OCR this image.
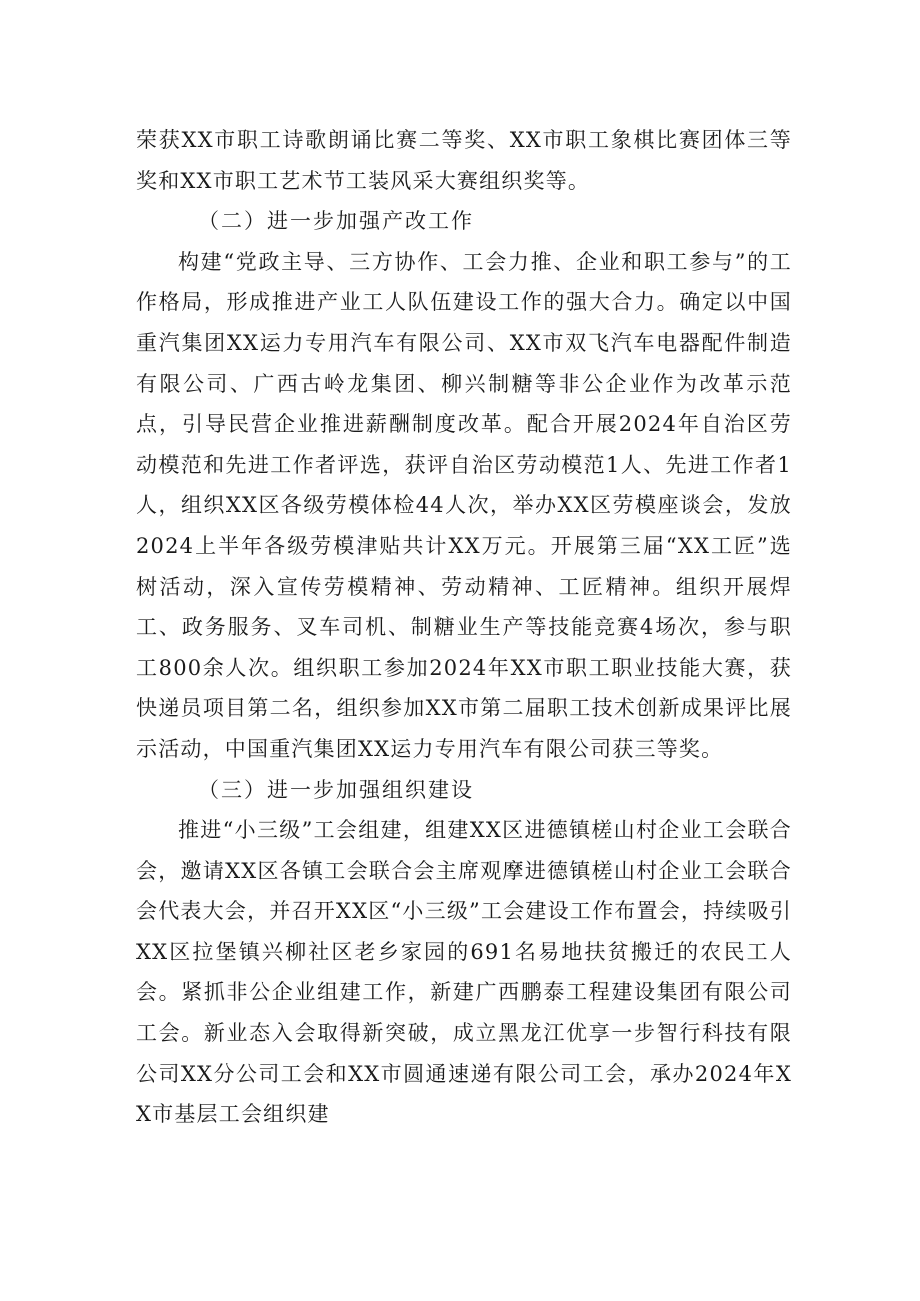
荣获XX市职工诗歌朗诵比赛二等奖、XX市职工象棋比赛团体三等奖和XX市职工艺术节工装风采大赛组织奖等。

（二）进一步加强产改工作

构建“党政主导、三方协作、工会力推、企业和职工参与”的工作格局，形成推进产业工人队伍建设工作的强大合力。确定以中国重汽集团XX运力专用汽车有限公司、XX市双飞汽车电器配件制造有限公司、广西古岭龙集团、柳兴制糖等非公企业作为改革示范点，引导民营企业推进薪酬制度改革。配合开展2024年自治区劳动模范和先进工作者评选，获评自治区劳动模范1人、先进工作者1人，组织XX区各级劳模体检44人次，举办XX区劳模座谈会，发放2024上半年各级劳模津贴共计XX万元。开展第三届“XX工匠”选树活动，深入宣传劳模精神、劳动精神、工匠精神。组织开展焊工、政务服务、叉车司机、制糖业生产等技能竞赛4场次，参与职工800余人次。组织职工参加2024年XX市职工职业技能大赛，获快递员项目第二名，组织参加XX市第二届职工技术创新成果评比展示活动，中国重汽集团XX运力专用汽车有限公司获三等奖。

（三）进一步加强组织建设

推进“小三级”工会组建，组建XX区进德镇槎山村企业工会联合会，邀请XX区各镇工会联合会主席观摩进德镇槎山村企业工会联合会代表大会，并召开XX区“小三级”工会建设工作布置会，持续吸引XX区拉堡镇兴柳社区老乡家园的691名易地扶贫搬迁的农民工人会。紧抓非公企业组建工作，新建广西鹏泰工程建设集团有限公司工会。新业态入会取得新突破，成立黑龙江优享一步智行科技有限公司XX分公司工会和XX市圆通速递有限公司工会，承办2024年XX市基层工会组织建
